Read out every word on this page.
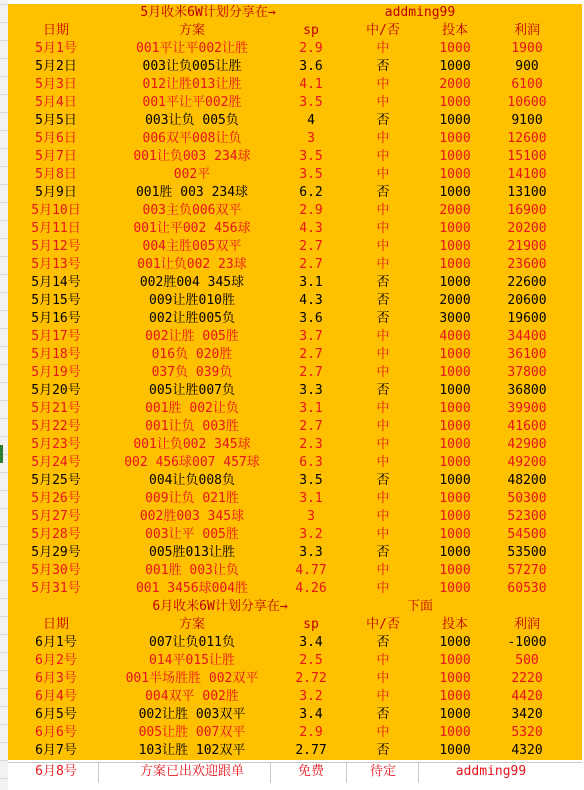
5月收米6W计划分享在→	addming99
日期	方案	sp	中/否	投本	利润
5月1号	001平让平002让胜	2.9	中	1000	1900
5月2日	003让负005让胜	3.6	否	1000	900
5月3日	012让胜013让胜	4.1	中	2000	6100
5月4日	001平让平002胜	3.5	中	1000	10600
5月5日	003让负 005负	4	否	1000	9100
5月6日	006双平008让负	3	中	1000	12600
5月7日	001让负003 234球	3.5	中	1000	15100
5月8日	002平	3.5	中	1000	14100
5月9日	001胜 003 234球	6.2	否	1000	13100
5月10日	003主负006双平	2.9	中	2000	16900
5月11日	001让平002 456球	4.3	中	1000	20200
5月12号	004主胜005双平	2.7	中	1000	21900
5月13号	001让负002 23球	2.7	中	1000	23600
5月14号	002胜004 345球	3.1	否	1000	22600
5月15号	009让胜010胜	4.3	否	2000	20600
5月16号	002让胜005负	3.6	否	3000	19600
5月17号	002让胜 005胜	3.7	中	4000	34400
5月18号	016负 020胜	2.7	中	1000	36100
5月19号	037负 039负	2.7	中	1000	37800
5月20号	005让胜007负	3.3	否	1000	36800
5月21号	001胜 002让负	3.1	中	1000	39900
5月22号	001让负 003胜	2.7	中	1000	41600
5月23号	001让负002 345球	2.3	中	1000	42900
5月24号	002 456球007 457球	6.3	中	1000	49200
5月25号	004让负008负	3.5	否	1000	48200
5月26号	009让负 021胜	3.1	中	1000	50300
5月27号	002胜003 345球	3	中	1000	52300
5月28号	003让平 005胜	3.2	中	1000	54500
5月29号	005胜013让胜	3.3	否	1000	53500
5月30号	001胜 003让负	4.77	中	1000	57270
5月31号	001 3456球004胜	4.26	中	1000	60530
6月收米6W计划分享在→	下面
日期	方案	sp	中/否	投本	利润
6月1号	007让负011负	3.4	否	1000	-1000
6月2号	014平015让胜	2.5	中	1000	500
6月3号	001半场胜胜 002双平	2.72	中	1000	2220
6月4号	004双平 002胜	3.2	中	1000	4420
6月5号	002让胜 003双平	3.4	否	1000	3420
6月6号	005让胜 007双平	2.9	中	1000	5320
6月7号	103让胜 102双平	2.77	否	1000	4320
6月8号	方案已出欢迎跟单	免费	待定	addming99
